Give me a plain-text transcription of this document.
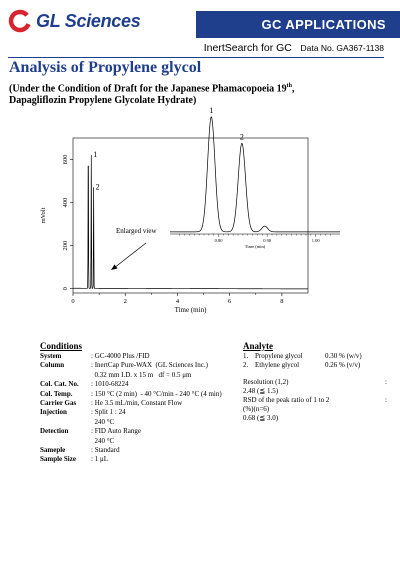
GL Sciences	GC APPLICATIONS
InertSearch for GC Data No. GA367-1138
Analysis of Propylene glycol
(Under the Condition of Draft for the Japanese Phamacopoeia 19th,
Dapagliflozin Propylene Glycolate Hydrate)
0	2	4	6	8
0
200
400
600
mVolt
Time (min)
1
2
Enlarged view
0.80	0.90	1.00
Time (min)
1
2
Conditions
System	: GC-4000 Plus /FID
Column	: InertCap Pure-WAX  (GL Sciences Inc.)
0.32 mm I.D. x 15 m   df = 0.5 μm
Col. Cat. No.	: 1010-68224
Col. Temp.	: 150 °C (2 min)  - 40 °C/min - 240 °C (4 min)
Carrier Gas	: He 3.5 mL/min, Constant Flow
Injection	: Split 1 : 24
240 °C
Detection	: FID Auto Range
240 °C
Sameple	: Standard
Sample Size	: 1 μL
Analyte
1. Propylene glycol	0.30 % (w/v)
2. Ethylene glycol	0.26 % (v/v)
Resolution (1,2)	: 2.48 (≦ 1.5)
RSD of the peak ratio of 1 to 2
(%)(n=6): 0.68 (≦ 3.0)
